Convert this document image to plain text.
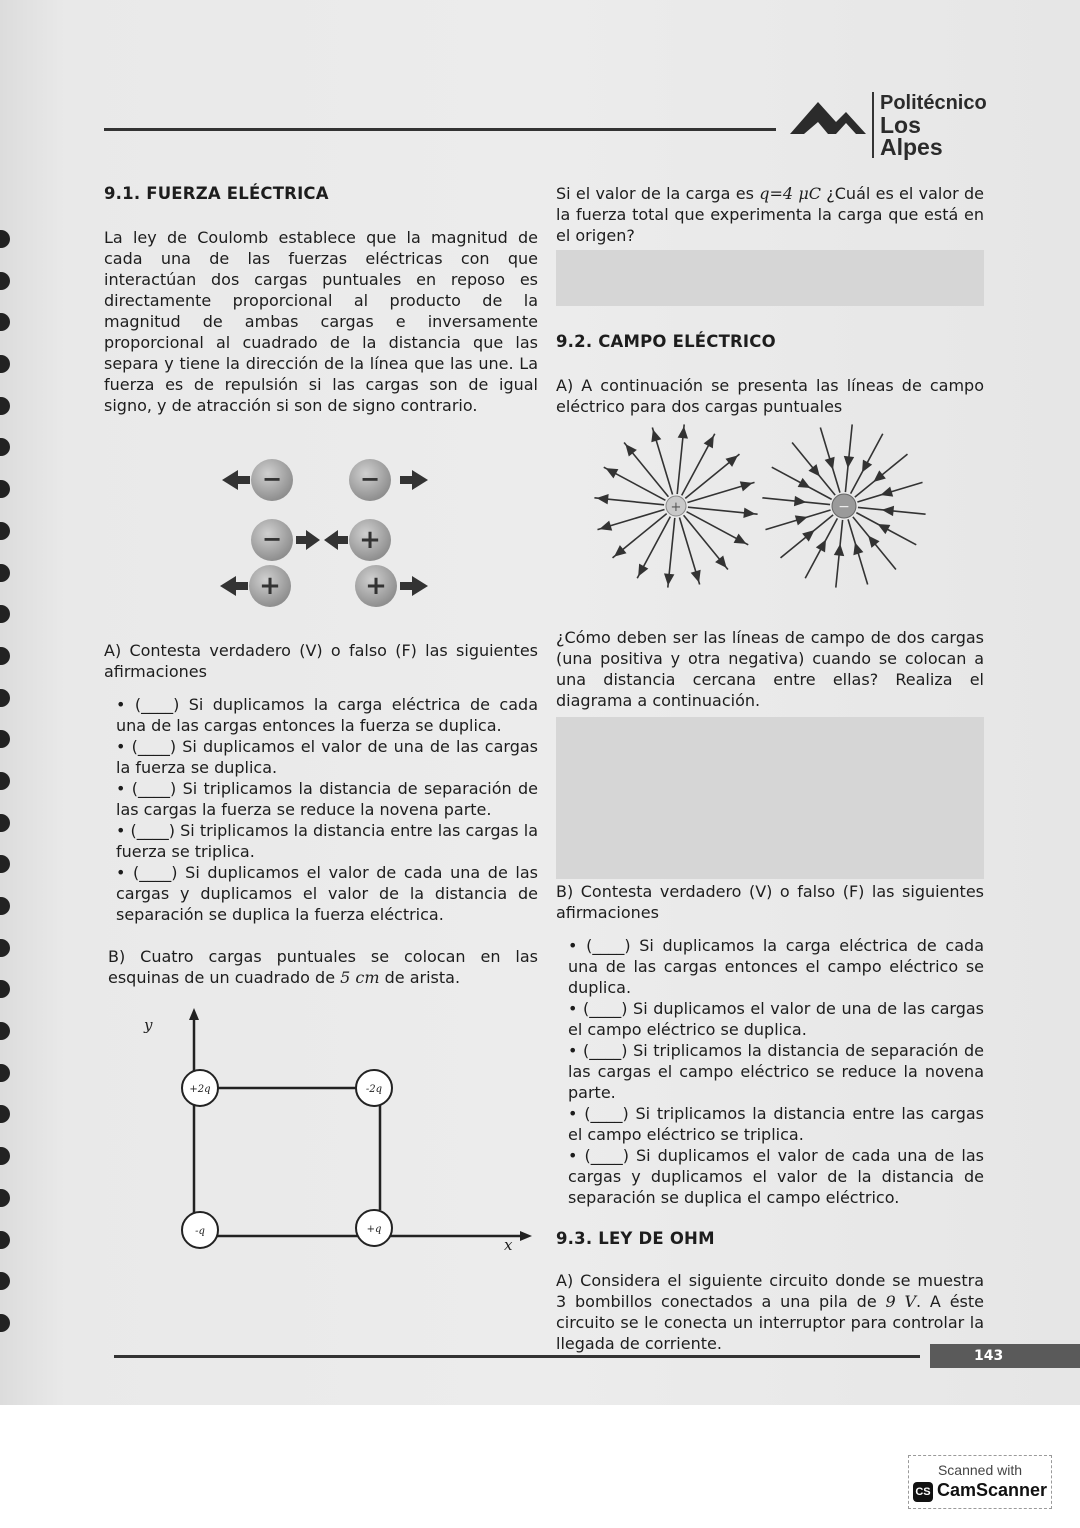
Politécnico
Los Alpes
9.1. FUERZA ELÉCTRICA

La ley de Coulomb establece que la magnitud de cada una de las fuerzas eléctricas con que interactúan dos cargas puntuales en reposo es directamente proporcional al producto de la magnitud de ambas cargas e inversamente proporcional al cuadrado de la distancia que las separa y tiene la dirección de la línea que las une. La fuerza es de repulsión si las cargas son de igual signo, y de atracción si son de signo contrario.

−	−
−	+
+	+

A) Contesta verdadero (V) o falso (F) las siguientes afirmaciones

• (____) Si duplicamos la carga eléctrica de cada una de las cargas entonces la fuerza se duplica.

• (____) Si duplicamos el valor de una de las cargas la fuerza se duplica.

• (____) Si triplicamos la distancia de separación de las cargas la fuerza se reduce la novena parte.

• (____) Si triplicamos la distancia entre las cargas la fuerza se triplica.

• (____) Si duplicamos el valor de cada una de las cargas y duplicamos el valor de la distancia de separación se duplica la fuerza eléctrica.

B) Cuatro cargas puntuales se colocan en las esquinas de un cuadrado de 5 cm de arista.

y
+2q	-2q
-q	+q
x

Si el valor de la carga es q=4 μC ¿Cuál es el valor de la fuerza total que experimenta la carga que está en el origen?

9.2. CAMPO ELÉCTRICO

A) A continuación se presenta las líneas de campo eléctrico para dos cargas puntuales

+	−

¿Cómo deben ser las líneas de campo de dos cargas (una positiva y otra negativa) cuando se colocan a una distancia cercana entre ellas? Realiza el diagrama a continuación.

B) Contesta verdadero (V) o falso (F) las siguientes afirmaciones

• (____) Si duplicamos la carga eléctrica de cada una de las cargas entonces el campo eléctrico se duplica.

• (____) Si duplicamos el valor de una de las cargas el campo eléctrico se duplica.

• (____) Si triplicamos la distancia de separación de las cargas el campo eléctrico se reduce la novena parte.

• (____) Si triplicamos la distancia entre las cargas el campo eléctrico se triplica.

• (____) Si duplicamos el valor de cada una de las cargas y duplicamos el valor de la distancia de separación se duplica el campo eléctrico.

9.3. LEY DE OHM

A) Considera el siguiente circuito donde se muestra 3 bombillos conectados a una pila de 9 V. A éste circuito se le conecta un interruptor para controlar la llegada de corriente.

143
Scanned with
CS CamScanner
